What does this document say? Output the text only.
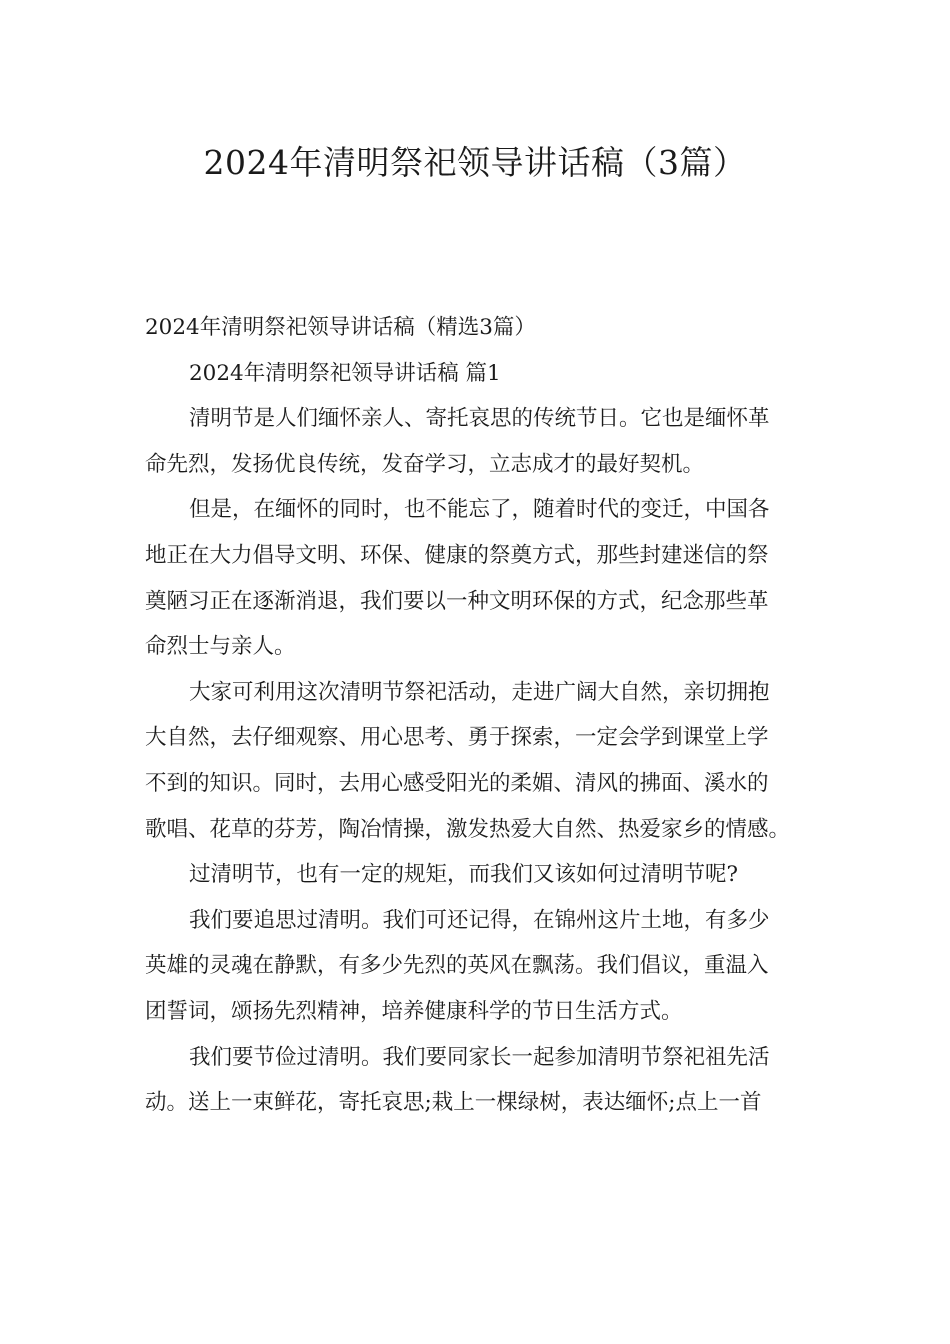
2024年清明祭祀领导讲话稿（3篇）

2024年清明祭祀领导讲话稿（精选3篇）

2024年清明祭祀领导讲话稿 篇1

清明节是人们缅怀亲人、寄托哀思的传统节日。它也是缅怀革

命先烈，发扬优良传统，发奋学习，立志成才的最好契机。

但是，在缅怀的同时，也不能忘了，随着时代的变迁，中国各

地正在大力倡导文明、环保、健康的祭奠方式，那些封建迷信的祭

奠陋习正在逐渐消退，我们要以一种文明环保的方式，纪念那些革

命烈士与亲人。

大家可利用这次清明节祭祀活动，走进广阔大自然，亲切拥抱

大自然，去仔细观察、用心思考、勇于探索，一定会学到课堂上学

不到的知识。同时，去用心感受阳光的柔媚、清风的拂面、溪水的

歌唱、花草的芬芳，陶冶情操，激发热爱大自然、热爱家乡的情感。

过清明节，也有一定的规矩，而我们又该如何过清明节呢?

我们要追思过清明。我们可还记得，在锦州这片土地，有多少

英雄的灵魂在静默，有多少先烈的英风在飘荡。我们倡议，重温入

团誓词，颂扬先烈精神，培养健康科学的节日生活方式。

我们要节俭过清明。我们要同家长一起参加清明节祭祀祖先活

动。送上一束鲜花，寄托哀思;栽上一棵绿树，表达缅怀;点上一首
